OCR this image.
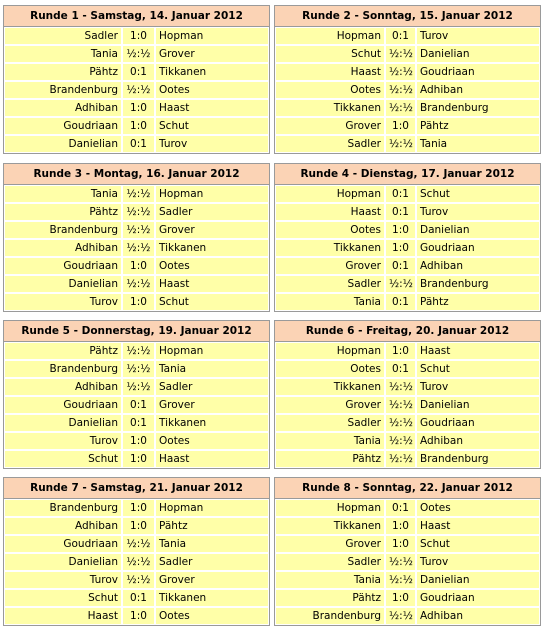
Runde 1 - Samstag, 14. Januar 2012
Sadler	1:0	Hopman
Tania ½:½ Grover
Pähtz	0:1	Tikkanen
Brandenburg ½:½ Ootes
Adhiban	1:0	Haast
Goudriaan	1:0	Schut
Danielian	0:1	Turov
Runde 2 - Sonntag, 15. Januar 2012
Hopman	0:1	Turov
Schut ½:½ Danielian
Haast ½:½ Goudriaan
Ootes ½:½ Adhiban
Tikkanen ½:½ Brandenburg
Grover	1:0	Pähtz
Sadler ½:½ Tania
Runde 3 - Montag, 16. Januar 2012
Tania ½:½ Hopman
Pähtz ½:½ Sadler
Brandenburg ½:½ Grover
Adhiban ½:½ Tikkanen
Goudriaan	1:0	Ootes
Danielian ½:½ Haast
Turov	1:0	Schut
Runde 4 - Dienstag, 17. Januar 2012
Hopman	0:1	Schut
Haast	0:1	Turov
Ootes	1:0	Danielian
Tikkanen	1:0	Goudriaan
Grover	0:1	Adhiban
Sadler ½:½ Brandenburg
Tania	0:1	Pähtz
Runde 5 - Donnerstag, 19. Januar 2012
Pähtz ½:½ Hopman
Brandenburg ½:½ Tania
Adhiban ½:½ Sadler
Goudriaan	0:1	Grover
Danielian	0:1	Tikkanen
Turov	1:0	Ootes
Schut	1:0	Haast
Runde 6 - Freitag, 20. Januar 2012
Hopman	1:0	Haast
Ootes	0:1	Schut
Tikkanen ½:½ Turov
Grover ½:½ Danielian
Sadler ½:½ Goudriaan
Tania ½:½ Adhiban
Pähtz ½:½ Brandenburg
Runde 7 - Samstag, 21. Januar 2012
Brandenburg	1:0	Hopman
Adhiban	1:0	Pähtz
Goudriaan ½:½ Tania
Danielian ½:½ Sadler
Turov ½:½ Grover
Schut	0:1	Tikkanen
Haast	1:0	Ootes
Runde 8 - Sonntag, 22. Januar 2012
Hopman	0:1	Ootes
Tikkanen	1:0	Haast
Grover	1:0	Schut
Sadler ½:½ Turov
Tania ½:½ Danielian
Pähtz	1:0	Goudriaan
Brandenburg ½:½ Adhiban
